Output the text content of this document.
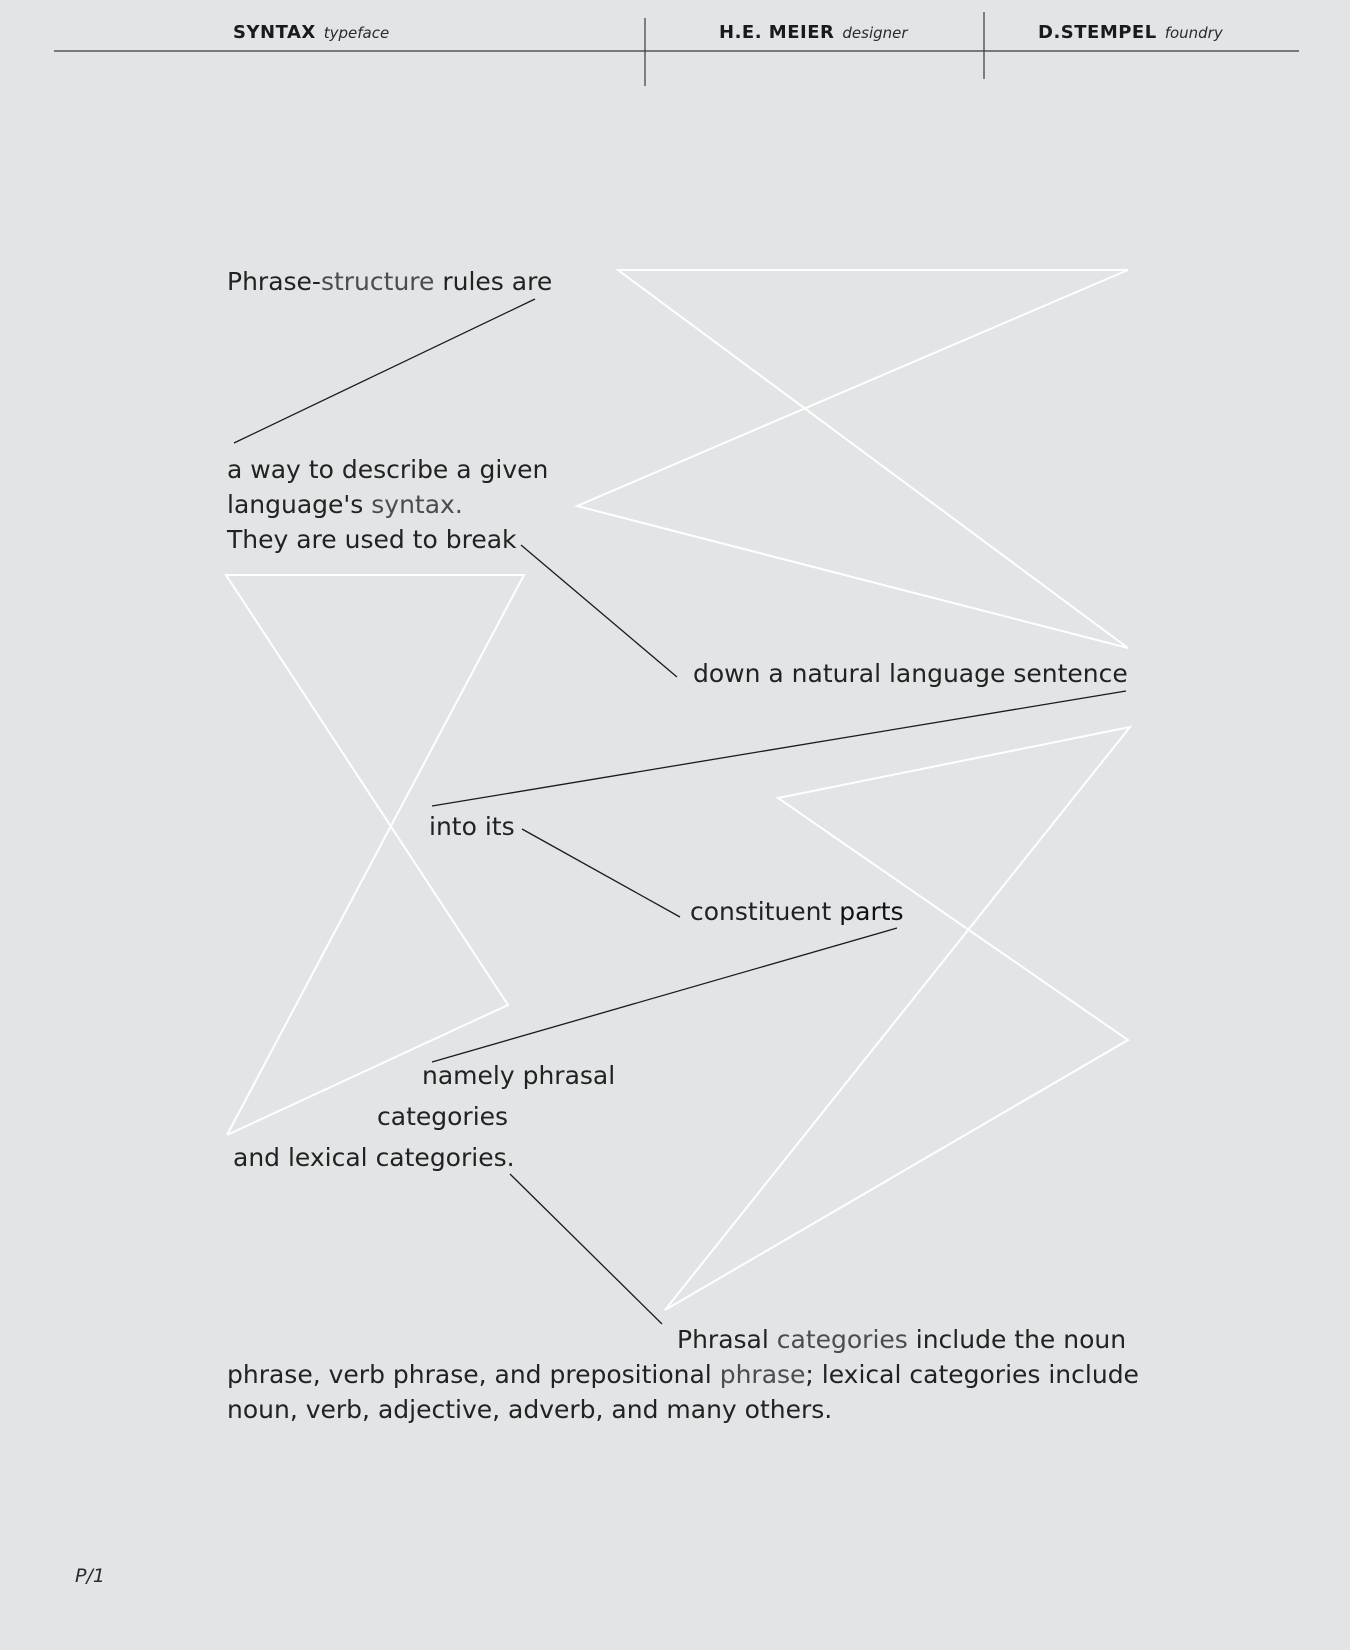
SYNTAX typeface	H.E. MEIER designer	D.STEMPEL foundry
Phrase-structure rules are
a way to describe a given
language's syntax.
They are used to break
down a natural language sentence
into its
constituent parts
namely phrasal
categories
and lexical categories.
Phrasal categories include the noun
phrase, verb phrase, and prepositional phrase; lexical categories include
noun, verb, adjective, adverb, and many others.
P/1
